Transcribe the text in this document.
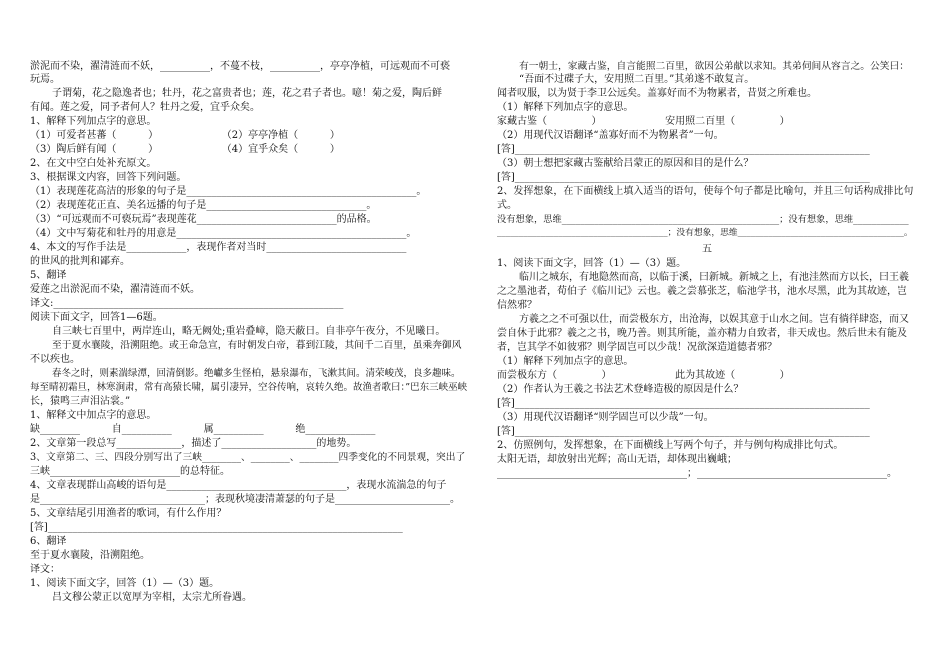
淤泥而不染，濯清涟而不妖，__________，不蔓不枝，__________，亭亭净植，可远观而不可亵
玩焉。
子谓菊，花之隐逸者也；牡丹，花之富贵者也；莲，花之君子者也。噫！菊之爱，陶后鲜
有闻。莲之爱，同予者何人？牡丹之爱，宜乎众矣。
1、解释下列加点字的意思。
（1）可爱者甚蕃（          ）                    （2）亭亭净植（          ）
（3）陶后鲜有闻（          ）                    （4）宜乎众矣（          ）
2、在文中空白处补充原文。
3、根据课文内容，回答下列问题。
（1）表现莲花高洁的形象的句子是______________________________________________。
（2）表现莲花正直、美名远播的句子是________________________________。
（3）“可远观而不可亵玩焉”表现莲花____________________________的品格。
（4）文中写菊花和牡丹的用意是______________________________________________。
4、本文的写作手法是____________，表现作者对当时____________________________
的世风的批判和鄙弃。
5、翻译
爱莲之出淤泥而不染，濯清涟而不妖。
译文:__________________________________________________________
阅读下面文字，回答1—6题。
自三峡七百里中，两岸连山，略无阙处;重岩叠嶂，隐天蔽日。自非亭午夜分，不见曦日。
至于夏水襄陵，沿溯阻绝。或王命急宣，有时朝发白帝，暮到江陵，其间千二百里，虽乘奔御风
不以疾也。
春冬之时，则素湍绿潭，回清倒影。绝巘多生怪柏，悬泉瀑布，飞漱其间。清荣峻茂，良多趣味。
每至晴初霜旦，林寒涧肃，常有高猿长啸，属引凄异，空谷传响，哀转久绝。故渔者歌曰：”巴东三峡巫峡
长，猿鸣三声泪沾裳。”
1、解释文中加点字的意思。
缺________          自__________          属__________          绝______________
2、文章第一段总写_____________，描述了___________________的地势。
3、文章第二、三、四段分别写出了三峡________、________、________四季变化的不同景观，突出了
三峡__________________________的总特征。
4、文章表现群山高峻的语句是____________________________________，表现水流湍急的句子
是_________________________________；表现秋境凄清萧瑟的句子是_______________________。
5、文章结尾引用渔者的歌词，有什么作用？
[答]_______________________________________________________________________
6、翻译
至于夏水襄陵，沿溯阻绝。
译文：
1、阅读下面文字，回答（1）—（3）题。
吕文穆公蒙正以宽厚为宰相，太宗尤所眷遇。
有一朝士，家藏古鉴，自言能照二百里，欲因公弟献以求知。其弟伺间从容言之。公笑曰：
“吾面不过碟子大，安用照二百里。”其弟遂不敢复言。
闻者叹服，以为贤于李卫公远矣。盖寡好而不为物累者，昔贤之所难也。
（1）解释下列加点字的意思。
家藏古鉴（              ）                    安用照二百里（              ）
（2）用现代汉语翻译“盖寡好而不为物累者”一句。
[答]_______________________________________________________________________
（3）朝士想把家藏古鉴献给吕蒙正的原因和目的是什么？
[答]_______________________________________________________________________
2、发挥想象，在下面横线上填入适当的语句，使每个句子都是比喻句，并且三句话构成排比句
式。
没有想象，思维_______________________________________________；没有想象，思维____________
_______________________________________；没有想象，思维______________________________________。
五
1、阅读下面文字，回答（1）—（3）题。
临川之城东，有地隐然而高，以临于溪，曰新城。新城之上，有池洼然而方以长，曰王羲
之之墨池者，荀伯子《临川记》云也。羲之尝慕张芝，临池学书，池水尽黑，此为其故迹，岂
信然邪？
方羲之之不可强以仕，而尝极东方，出沧海，以娱其意于山水之间。岂有徜徉肆恣，而又
尝自休于此邪？羲之之书，晚乃善。则其所能，盖亦精力自致者，非天成也。然后世未有能及
者，岂其学不如彼邪？则学固岂可以少哉！况欲深造道德者邪？
（1）解释下列加点字的意思。
而尝极东方（              ）                    此为其故迹（              ）
（2）作者认为王羲之书法艺术登峰造极的原因是什么？
[答]_______________________________________________________________________
（3）用现代汉语翻译“则学固岂可以少哉”一句。
[答]_______________________________________________________________________
2、仿照例句，发挥想象，在下面横线上写两个句子，并与例句构成排比句式。
太阳无语，却放射出光辉；高山无语，却体现出巍峨；
______________________________________；______________________________________。
